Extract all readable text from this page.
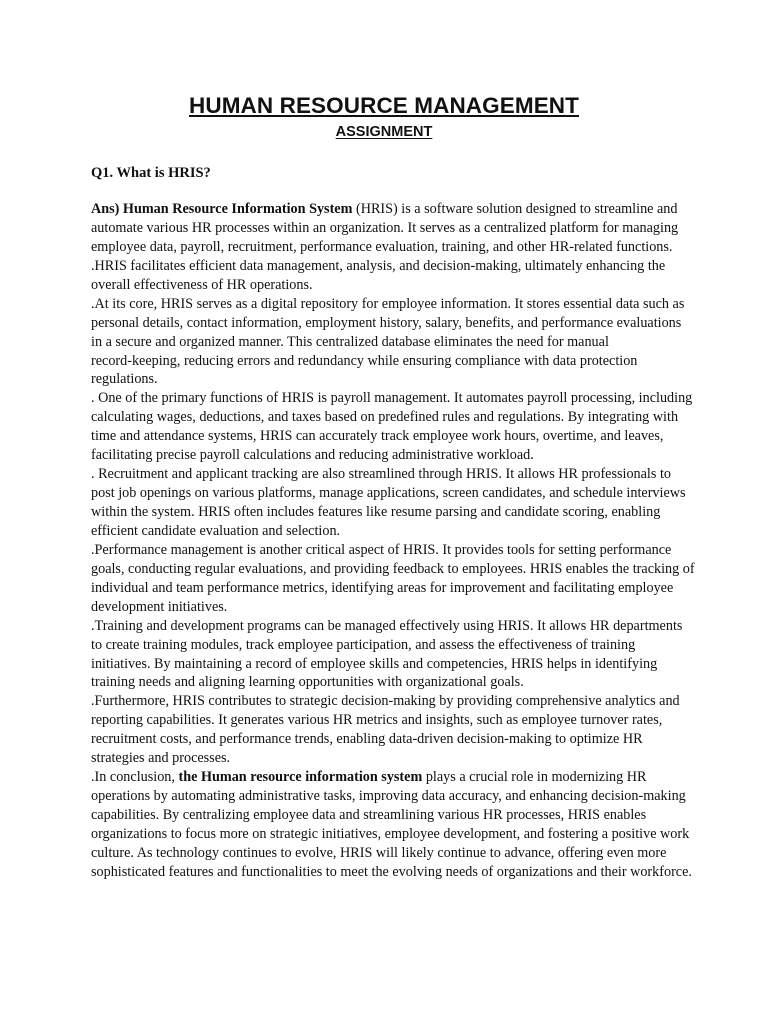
HUMAN RESOURCE MANAGEMENT
ASSIGNMENT
Q1. What is HRIS?
Ans) Human Resource Information System (HRIS) is a software solution designed to streamline and
automate various HR processes within an organization. It serves as a centralized platform for managing
employee data, payroll, recruitment, performance evaluation, training, and other HR-related functions.
.HRIS facilitates efficient data management, analysis, and decision-making, ultimately enhancing the
overall effectiveness of HR operations.
.At its core, HRIS serves as a digital repository for employee information. It stores essential data such as
personal details, contact information, employment history, salary, benefits, and performance evaluations
in a secure and organized manner. This centralized database eliminates the need for manual
record-keeping, reducing errors and redundancy while ensuring compliance with data protection
regulations.
. One of the primary functions of HRIS is payroll management. It automates payroll processing, including
calculating wages, deductions, and taxes based on predefined rules and regulations. By integrating with
time and attendance systems, HRIS can accurately track employee work hours, overtime, and leaves,
facilitating precise payroll calculations and reducing administrative workload.
. Recruitment and applicant tracking are also streamlined through HRIS. It allows HR professionals to
post job openings on various platforms, manage applications, screen candidates, and schedule interviews
within the system. HRIS often includes features like resume parsing and candidate scoring, enabling
efficient candidate evaluation and selection.
.Performance management is another critical aspect of HRIS. It provides tools for setting performance
goals, conducting regular evaluations, and providing feedback to employees. HRIS enables the tracking of
individual and team performance metrics, identifying areas for improvement and facilitating employee
development initiatives.
.Training and development programs can be managed effectively using HRIS. It allows HR departments
to create training modules, track employee participation, and assess the effectiveness of training
initiatives. By maintaining a record of employee skills and competencies, HRIS helps in identifying
training needs and aligning learning opportunities with organizational goals.
.Furthermore, HRIS contributes to strategic decision-making by providing comprehensive analytics and
reporting capabilities. It generates various HR metrics and insights, such as employee turnover rates,
recruitment costs, and performance trends, enabling data-driven decision-making to optimize HR
strategies and processes.
.In conclusion, the Human resource information system plays a crucial role in modernizing HR
operations by automating administrative tasks, improving data accuracy, and enhancing decision-making
capabilities. By centralizing employee data and streamlining various HR processes, HRIS enables
organizations to focus more on strategic initiatives, employee development, and fostering a positive work
culture. As technology continues to evolve, HRIS will likely continue to advance, offering even more
sophisticated features and functionalities to meet the evolving needs of organizations and their workforce.
